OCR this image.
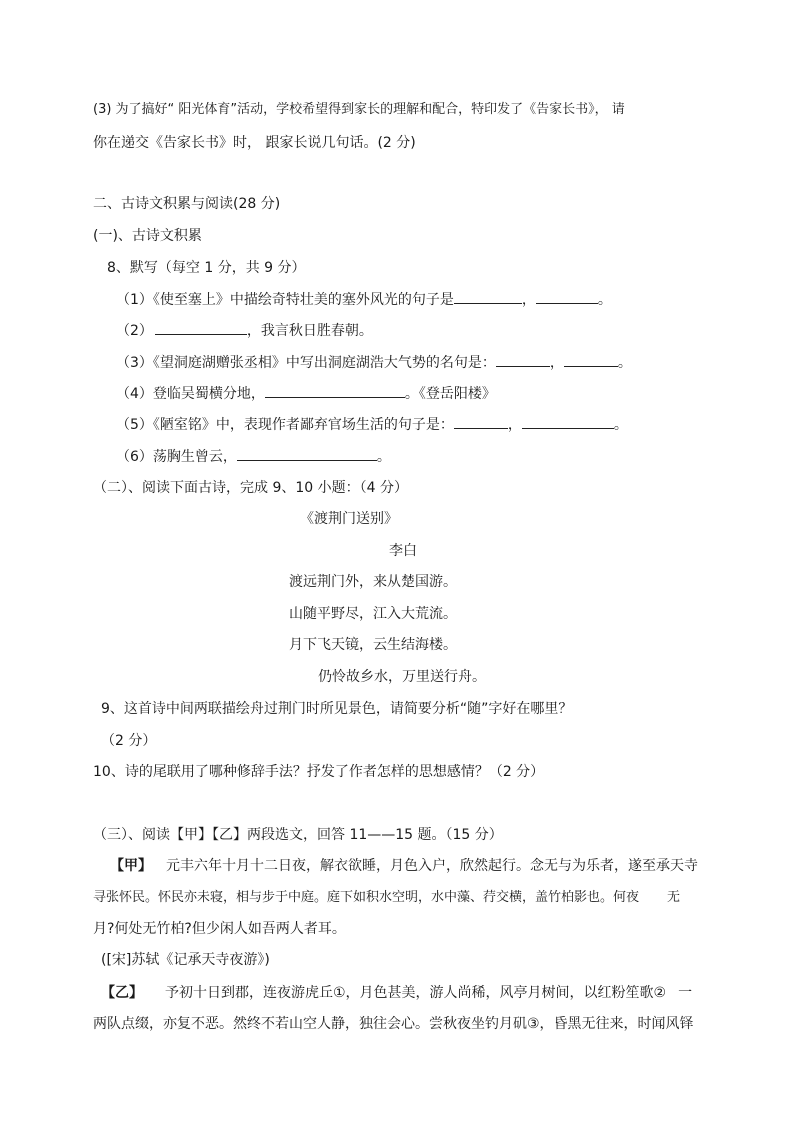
(3) 为了搞好“ 阳光体育”活动，学校希望得到家长的理解和配合，特印发了《告家长书》， 请
你在递交《告家长书》时， 跟家长说几句话。(2 分)
二、古诗文积累与阅读(28 分)
(一)、古诗文积累
8、默写（每空 1 分，共 9 分）
（1）《使至塞上》中描绘奇特壮美的塞外风光的句子是	，	。
（2）	，我言秋日胜春朝。
（3）《望洞庭湖赠张丞相》中写出洞庭湖浩大气势的名句是：	，	。
（4）登临吴蜀横分地，	。《登岳阳楼》
（5）《陋室铭》中，表现作者鄙弃官场生活的句子是：	，	。
（6）荡胸生曾云，	。
（二）、阅读下面古诗，完成 9、10 小题：（4 分）
《渡荆门送别》
李白
渡远荆门外，来从楚国游。
山随平野尽，江入大荒流。
月下飞天镜，云生结海楼。
仍怜故乡水，万里送行舟。
9、这首诗中间两联描绘舟过荆门时所见景色，请简要分析“随”字好在哪里？
（2 分）
10、诗的尾联用了哪种修辞手法？抒发了作者怎样的思想感情？（2 分）
（三）、阅读【甲】【乙】两段选文，回答 11——15 题。（15 分）
【甲】 元丰六年十月十二日夜，解衣欲睡，月色入户，欣然起行。念无与为乐者，遂至承天寺
寻张怀民。怀民亦未寝，相与步于中庭。庭下如积水空明，水中藻、荇交横，盖竹柏影也。何夜 无
月?何处无竹柏?但少闲人如吾两人者耳。
([宋]苏轼《记承天寺夜游》)
【乙】 予初十日到郡，连夜游虎丘①，月色甚美，游人尚稀，风亭月树间，以红粉笙歌② 一
两队点缀，亦复不恶。然终不若山空人静，独往会心。尝秋夜坐钓月矶③，昏黑无往来，时闻风铎
